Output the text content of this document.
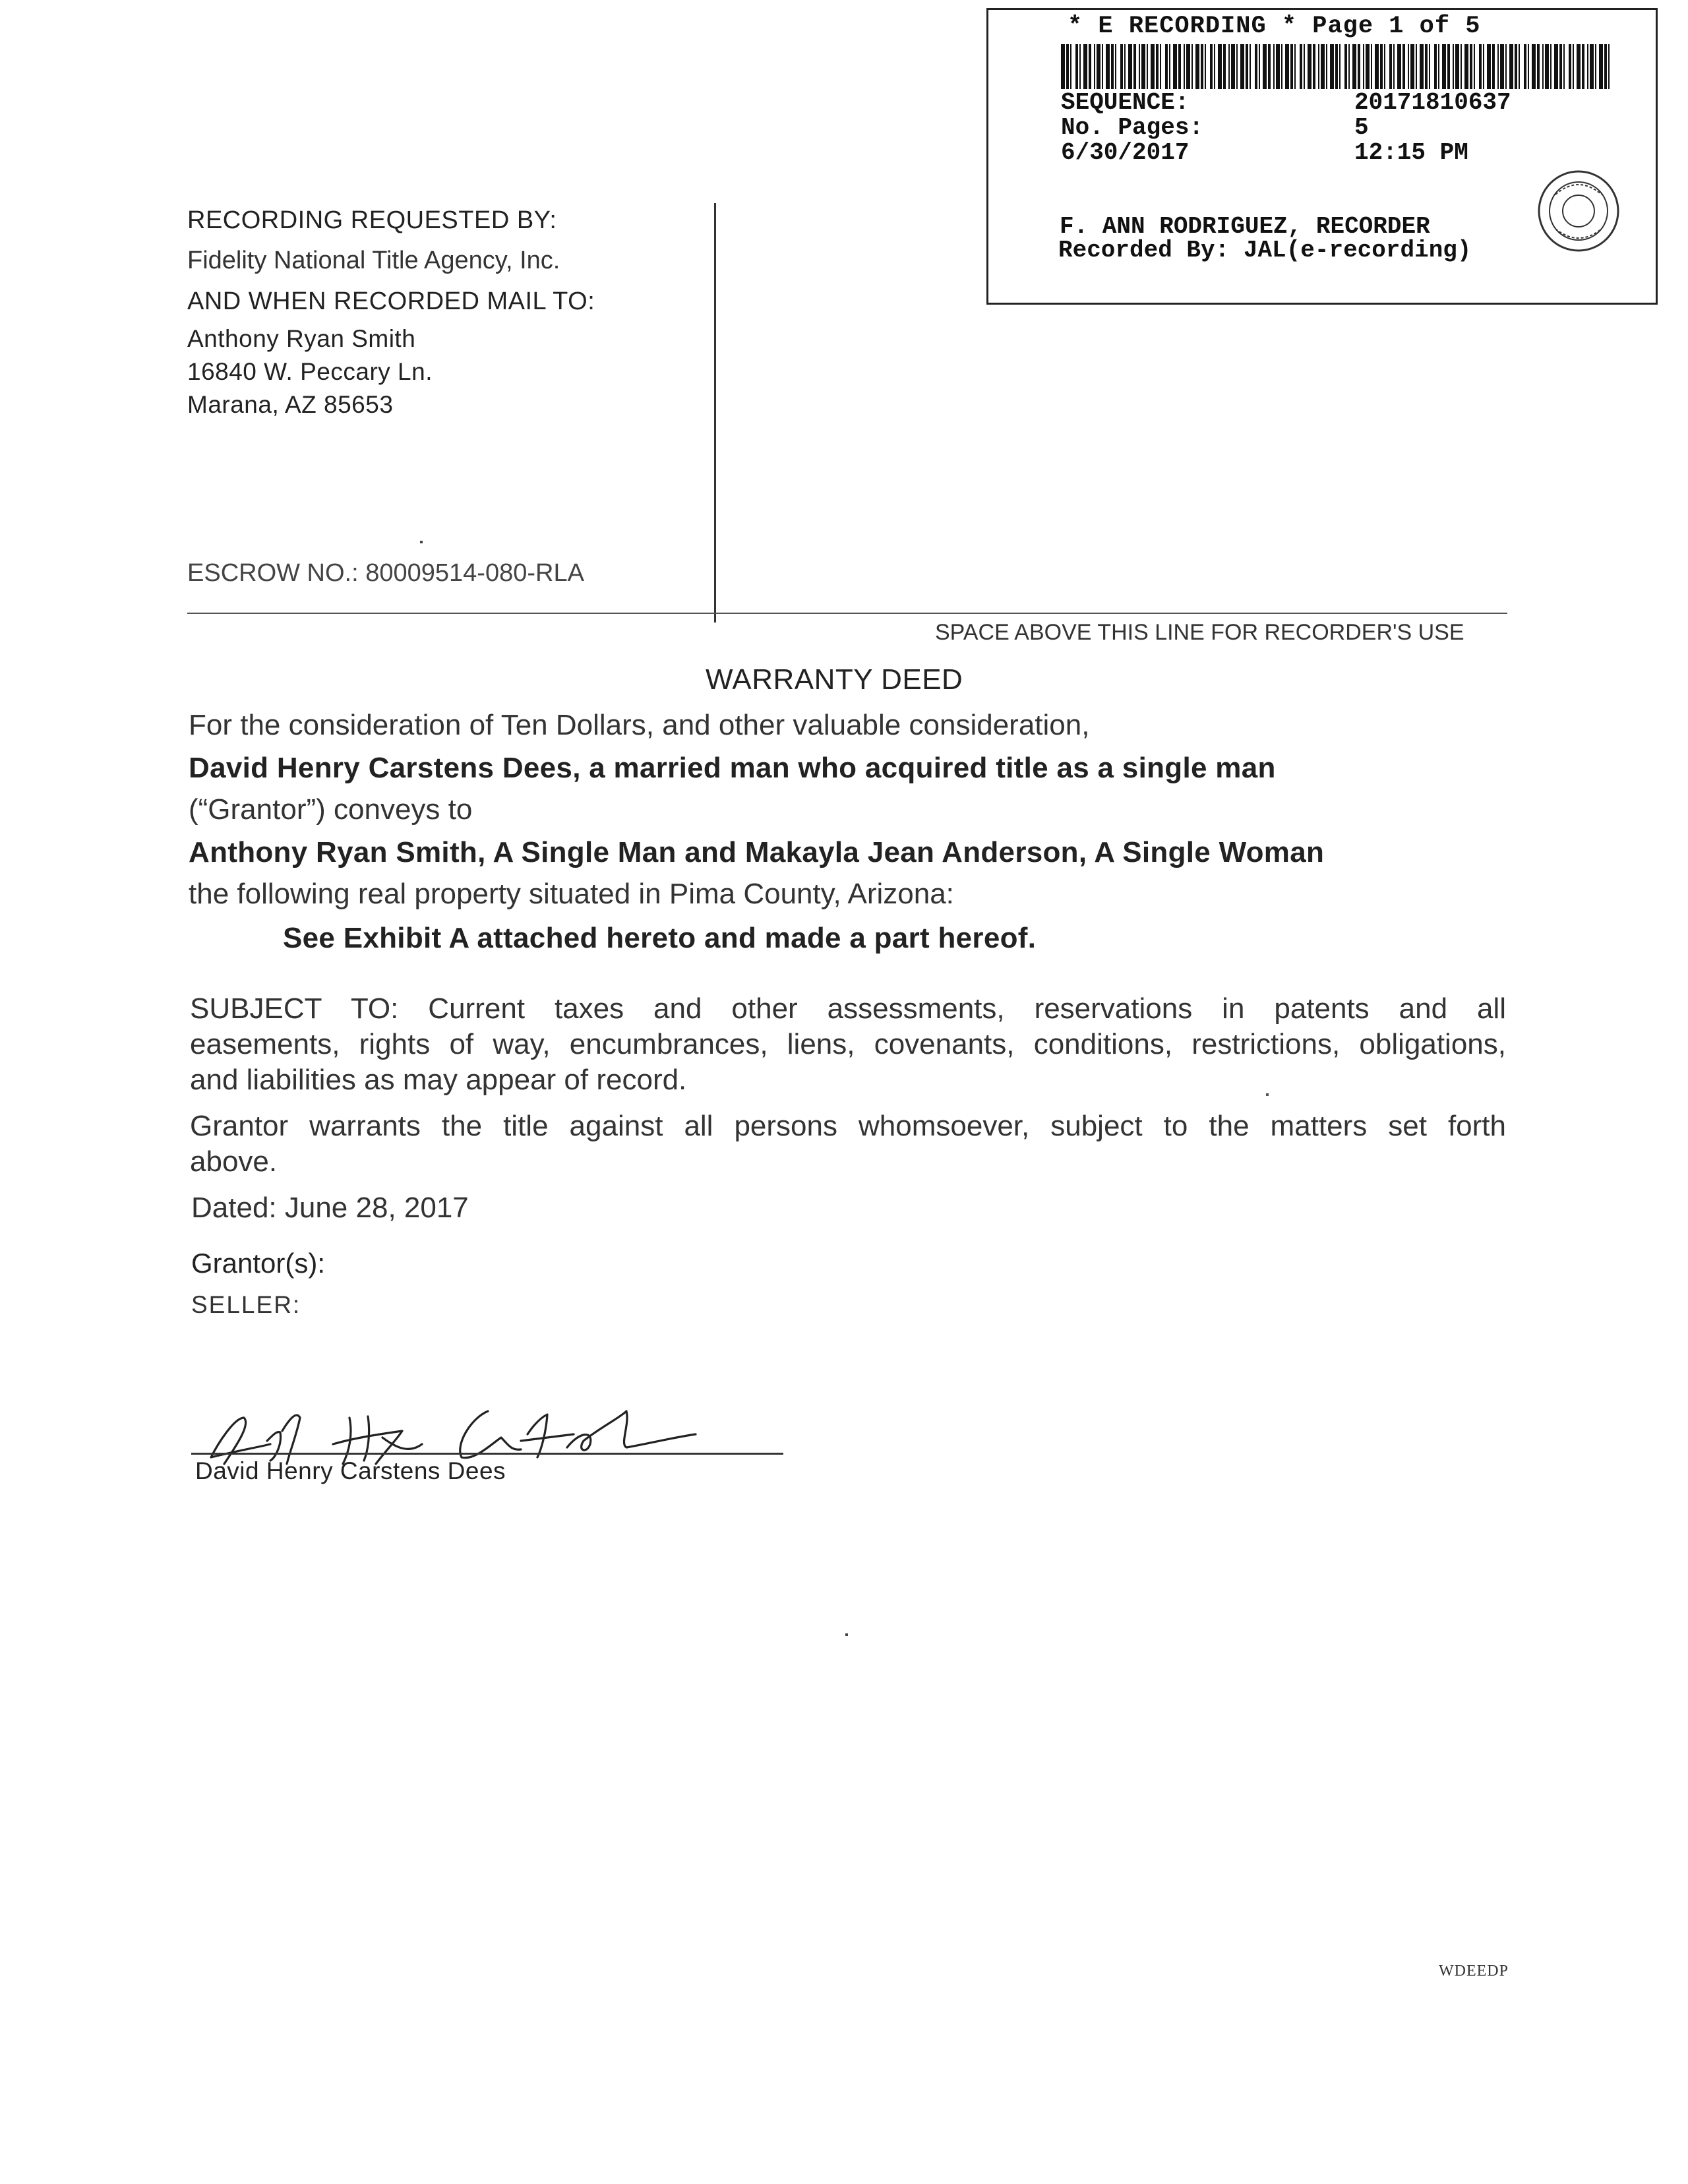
* E RECORDING * Page 1 of 5
SEQUENCE:	20171810637
No. Pages:	5
6/30/2017	12:15 PM
F. ANN RODRIGUEZ, RECORDER
Recorded By: JAL(e-recording)
RECORDING REQUESTED BY:
Fidelity National Title Agency, Inc.
AND WHEN RECORDED MAIL TO:
Anthony Ryan Smith
16840 W. Peccary Ln.
Marana, AZ 85653
ESCROW NO.: 80009514-080-RLA
SPACE ABOVE THIS LINE FOR RECORDER'S USE
WARRANTY DEED
For the consideration of Ten Dollars, and other valuable consideration,
David Henry Carstens Dees, a married man who acquired title as a single man
(“Grantor”) conveys to
Anthony Ryan Smith, A Single Man and Makayla Jean Anderson, A Single Woman
the following real property situated in Pima County, Arizona:
See Exhibit A attached hereto and made a part hereof.
SUBJECT TO: Current taxes and other assessments, reservations in patents and all
easements, rights of way, encumbrances, liens, covenants, conditions, restrictions, obligations,
and liabilities as may appear of record.
Grantor warrants the title against all persons whomsoever, subject to the matters set forth
above.
Dated: June 28, 2017
Grantor(s):
SELLER:
David Henry Carstens Dees
WDEEDP
